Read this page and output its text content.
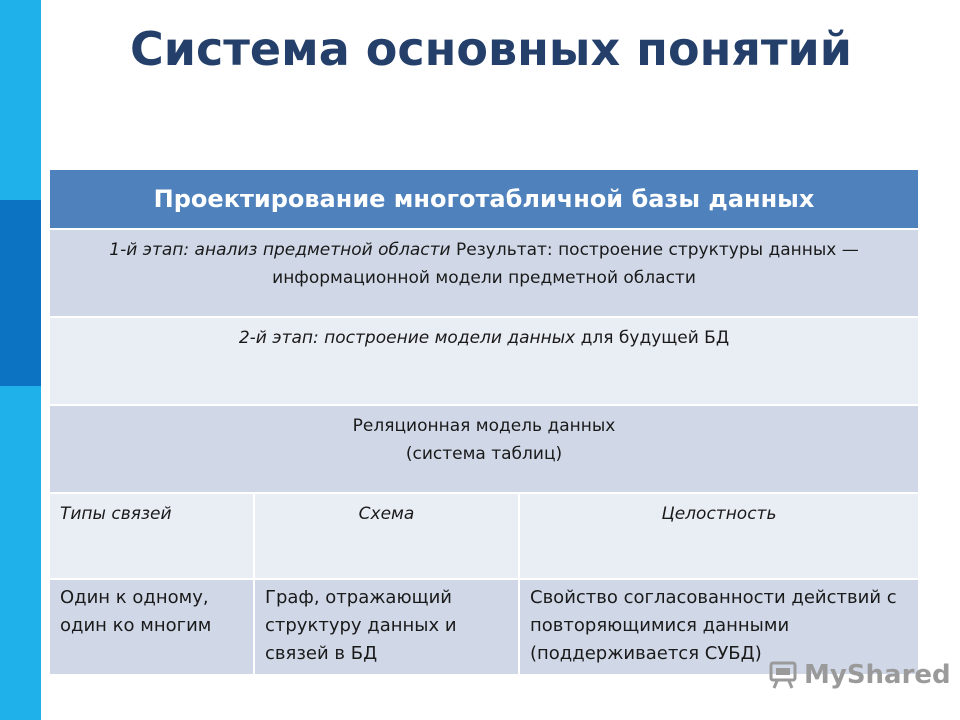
Система основных понятий
Проектирование многотабличной базы данных		
1-й этап: анализ предметной области Результат: построение структуры данных — информационной модели предметной области		
2-й этап: построение модели данных для будущей БД		

Реляционная модель данных
(система таблиц)		

Типы связей	Схема	Целостность
Один к одному, один ко многим	Граф, отражающий структуру данных и связей в БД	Свойство согласованности действий с повторяющимися данными (поддерживается СУБД)
MyShared
